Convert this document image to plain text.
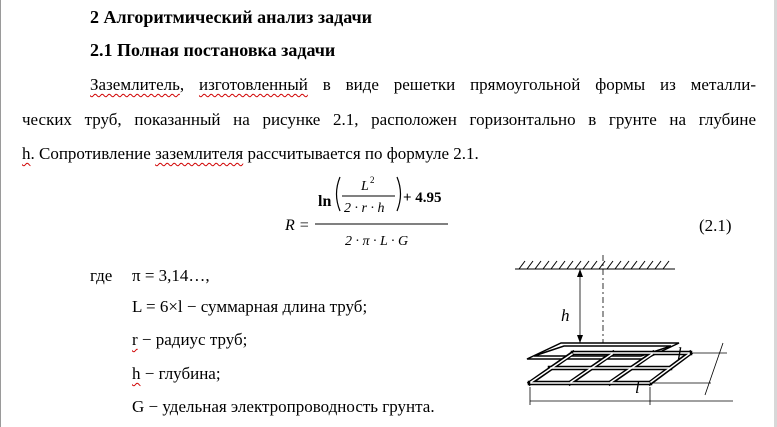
2 Алгоритмический анализ задачи
2.1 Полная постановка задачи
Заземлитель, изготовленный в виде решетки прямоугольной формы из металли-
ческих труб, показанный на рисунке 2.1, расположен горизонтально в грунте на глубине
h. Сопротивление заземлителя рассчитывается по формуле 2.1.
R =
ln
L 2
2 · r · h
+ 4.95
2 · π · L · G
(2.1)
где π = 3,14…,
L = 6×l − суммарная длина труб;
r − радиус труб;
h − глубина;
G − удельная электропроводность грунта.
h
l
l
